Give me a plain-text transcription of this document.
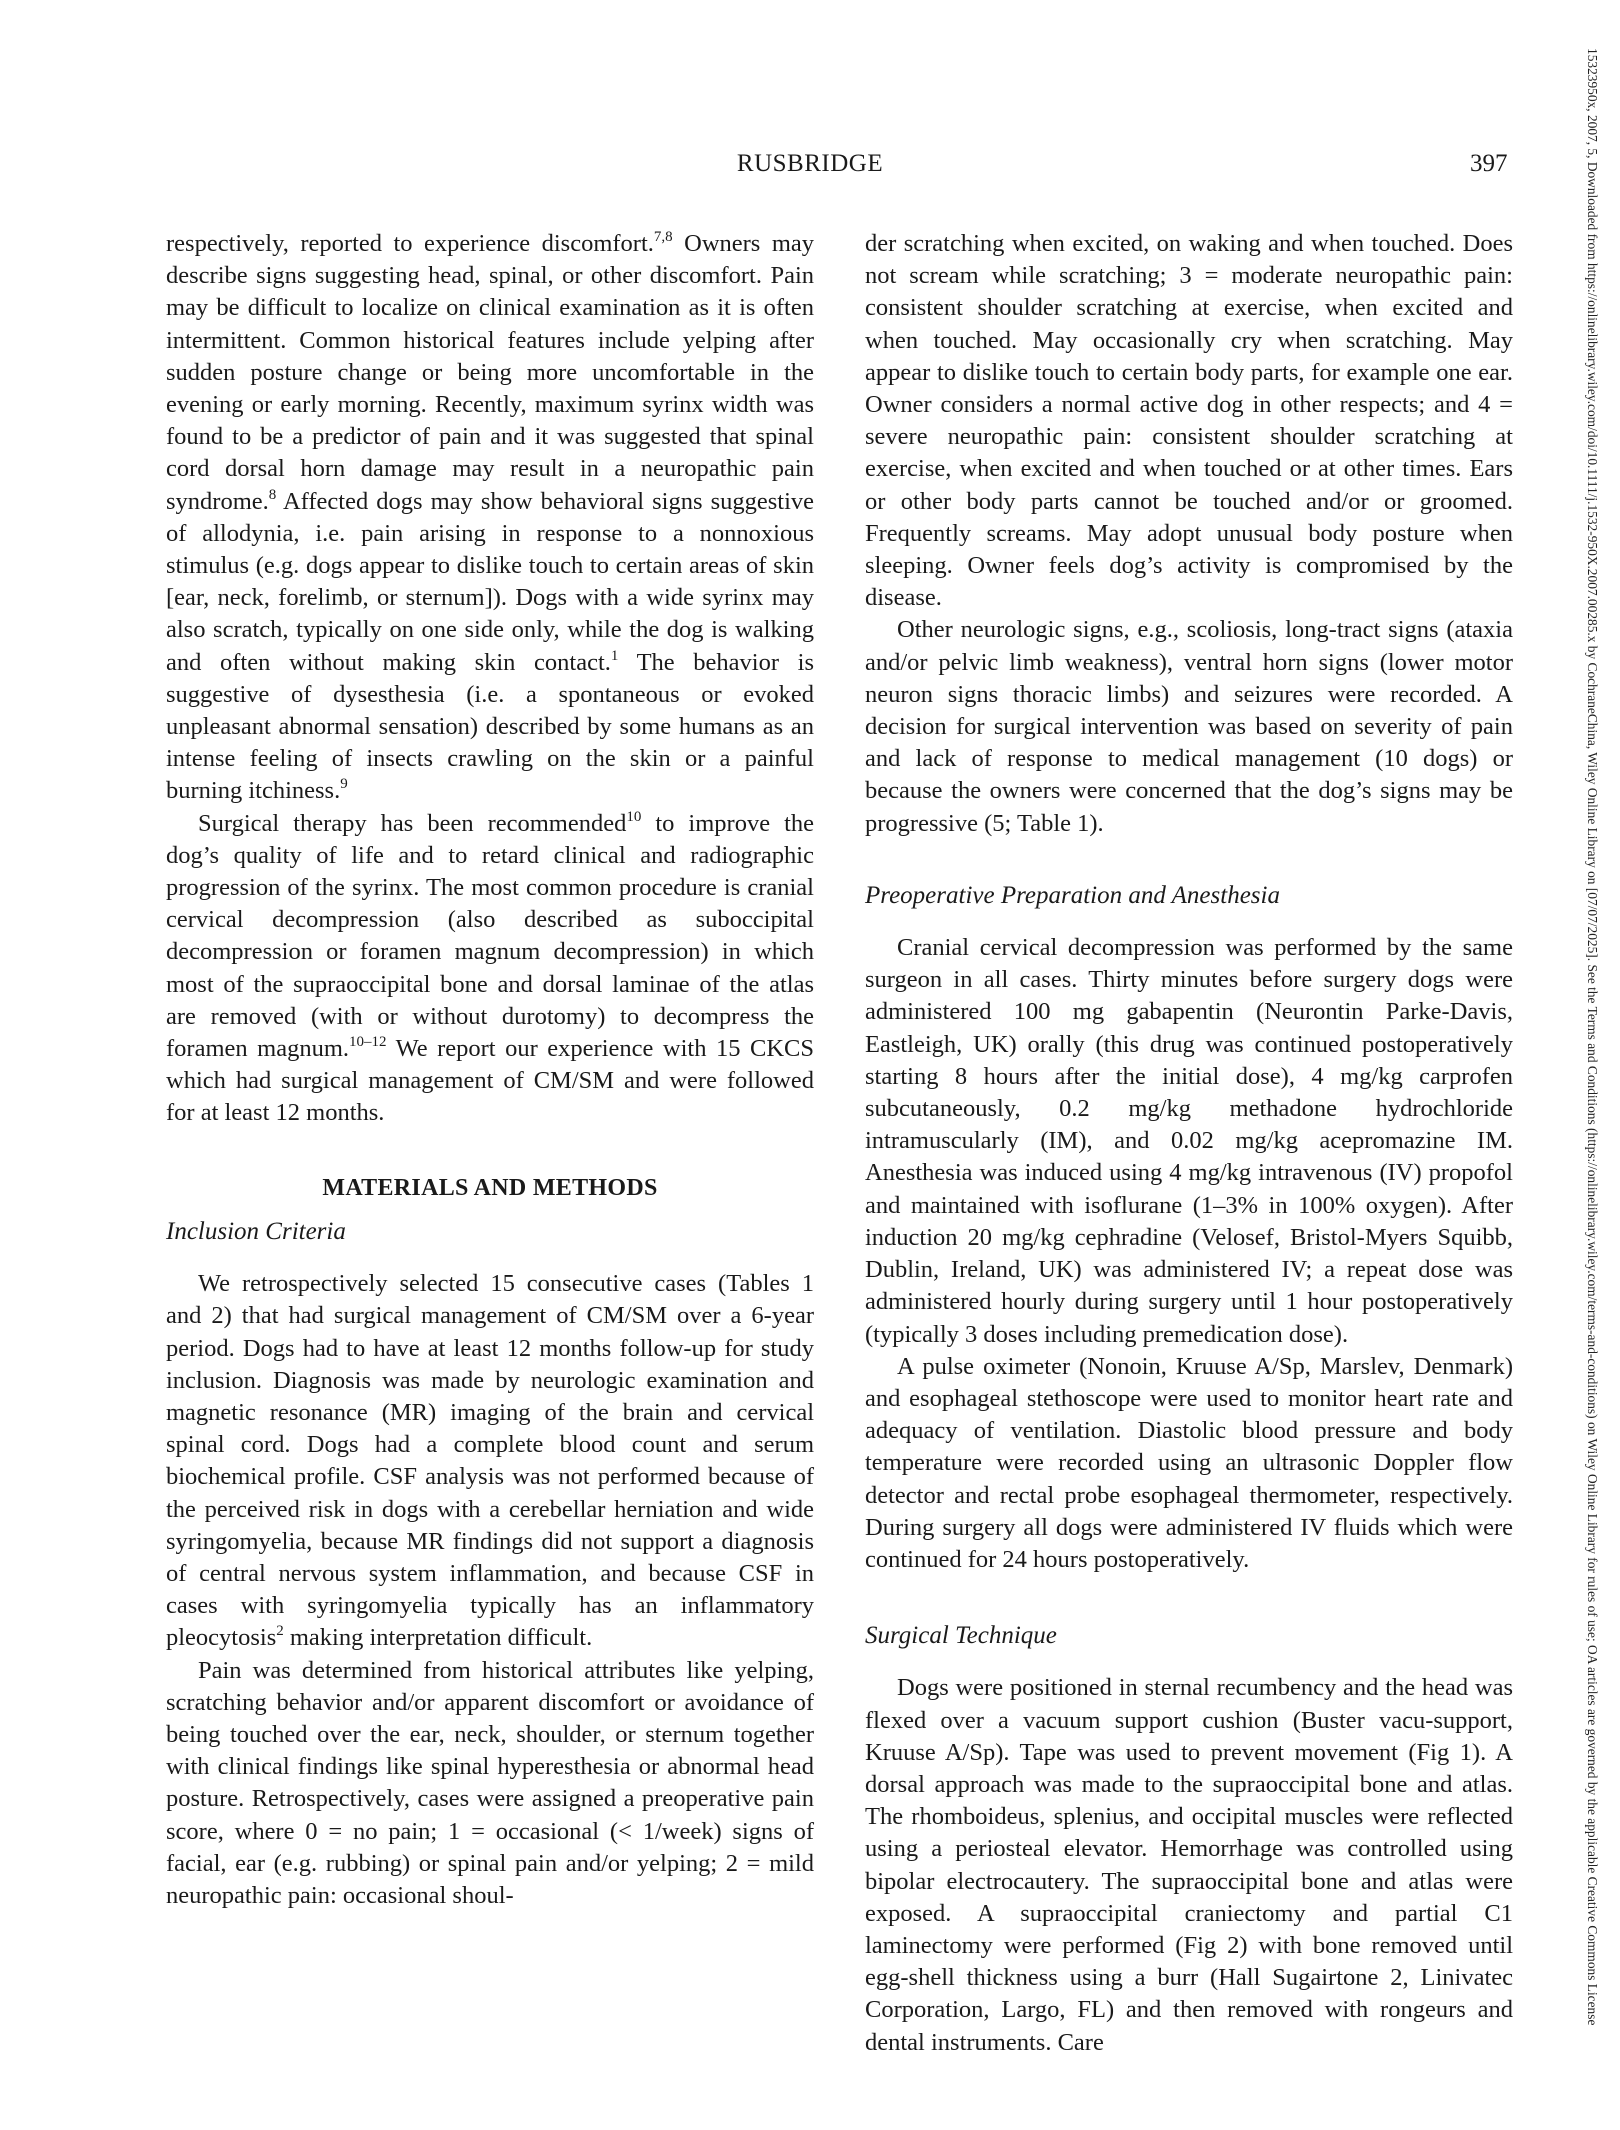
RUSBRIDGE	397

respectively, reported to experience discomfort.$^{7,8}$ Owners may describe signs suggesting head, spinal, or other discomfort. Pain may be difficult to localize on clinical examination as it is often intermittent. Common historical features include yelping after sudden posture change or being more uncomfortable in the evening or early morning. Recently, maximum syrinx width was found to be a predictor of pain and it was suggested that spinal cord dorsal horn damage may result in a neuropathic pain syndrome.$^8$ Affected dogs may show behavioral signs suggestive of allodynia, i.e. pain arising in response to a nonnoxious stimulus (e.g. dogs appear to dislike touch to certain areas of skin [ear, neck, forelimb, or sternum]). Dogs with a wide syrinx may also scratch, typically on one side only, while the dog is walking and often without making skin contact.$^1$ The behavior is suggestive of dysesthesia (i.e. a spontaneous or evoked unpleasant abnormal sensation) described by some humans as an intense feeling of insects crawling on the skin or a painful burning itchiness.$^9$

Surgical therapy has been recommended$^{10}$ to improve the dog’s quality of life and to retard clinical and radiographic progression of the syrinx. The most common procedure is cranial cervical decompression (also described as suboccipital decompression or foramen magnum decompression) in which most of the supraoccipital bone and dorsal laminae of the atlas are removed (with or without durotomy) to decompress the foramen magnum.$^{10-12}$ We report our experience with 15 CKCS which had surgical management of CM/SM and were followed for at least 12 months.

MATERIALS AND METHODS
Inclusion Criteria

We retrospectively selected 15 consecutive cases (Tables 1 and 2) that had surgical management of CM/SM over a 6-year period. Dogs had to have at least 12 months follow-up for study inclusion. Diagnosis was made by neurologic examination and magnetic resonance (MR) imaging of the brain and cervical spinal cord. Dogs had a complete blood count and serum biochemical profile. CSF analysis was not performed because of the perceived risk in dogs with a cerebellar herniation and wide syringomyelia, because MR findings did not support a diagnosis of central nervous system inflammation, and because CSF in cases with syringomyelia typically has an inflammatory pleocytosis$^2$ making interpretation difficult.

Pain was determined from historical attributes like yelping, scratching behavior and/or apparent discomfort or avoidance of being touched over the ear, neck, shoulder, or sternum together with clinical findings like spinal hyperesthesia or abnormal head posture. Retrospectively, cases were assigned a preoperative pain score, where 0 = no pain; 1 = occasional (< 1/week) signs of facial, ear (e.g. rubbing) or spinal pain and/or yelping; 2 = mild neuropathic pain: occasional shoul-

der scratching when excited, on waking and when touched. Does not scream while scratching; 3 = moderate neuropathic pain: consistent shoulder scratching at exercise, when excited and when touched. May occasionally cry when scratching. May appear to dislike touch to certain body parts, for example one ear. Owner considers a normal active dog in other respects; and 4 = severe neuropathic pain: consistent shoulder scratching at exercise, when excited and when touched or at other times. Ears or other body parts cannot be touched and/or or groomed. Frequently screams. May adopt unusual body posture when sleeping. Owner feels dog’s activity is compromised by the disease.

Other neurologic signs, e.g., scoliosis, long-tract signs (ataxia and/or pelvic limb weakness), ventral horn signs (lower motor neuron signs thoracic limbs) and seizures were recorded. A decision for surgical intervention was based on severity of pain and lack of response to medical management (10 dogs) or because the owners were concerned that the dog’s signs may be progressive (5; Table 1).

Preoperative Preparation and Anesthesia

Cranial cervical decompression was performed by the same surgeon in all cases. Thirty minutes before surgery dogs were administered 100 mg gabapentin (Neurontin Parke-Davis, Eastleigh, UK) orally (this drug was continued postoperatively starting 8 hours after the initial dose), 4 mg/kg carprofen subcutaneously, 0.2 mg/kg methadone hydrochloride intramuscularly (IM), and 0.02 mg/kg acepromazine IM. Anesthesia was induced using 4 mg/kg intravenous (IV) propofol and maintained with isoflurane (1–3% in 100% oxygen). After induction 20 mg/kg cephradine (Velosef, Bristol-Myers Squibb, Dublin, Ireland, UK) was administered IV; a repeat dose was administered hourly during surgery until 1 hour postoperatively (typically 3 doses including premedication dose).

A pulse oximeter (Nonoin, Kruuse A/Sp, Marslev, Denmark) and esophageal stethoscope were used to monitor heart rate and adequacy of ventilation. Diastolic blood pressure and body temperature were recorded using an ultrasonic Doppler flow detector and rectal probe esophageal thermometer, respectively. During surgery all dogs were administered IV fluids which were continued for 24 hours postoperatively.

Surgical Technique

Dogs were positioned in sternal recumbency and the head was flexed over a vacuum support cushion (Buster vacu-support, Kruuse A/Sp). Tape was used to prevent movement (Fig 1). A dorsal approach was made to the supraoccipital bone and atlas. The rhomboideus, splenius, and occipital muscles were reflected using a periosteal elevator. Hemorrhage was controlled using bipolar electrocautery. The supraoccipital bone and atlas were exposed. A supraoccipital craniectomy and partial C1 laminectomy were performed (Fig 2) with bone removed until egg-shell thickness using a burr (Hall Sugairtone 2, Linivatec Corporation, Largo, FL) and then removed with rongeurs and dental instruments. Care

15323950x, 2007, 5, Downloaded from https://onlinelibrary.wiley.com/doi/10.1111/j.1532-950X.2007.00285.x by CochraneChina, Wiley Online Library on [07/07/2025]. See the Terms and Conditions (https://onlinelibrary.wiley.com/terms-and-conditions) on Wiley Online Library for rules of use; OA articles are governed by the applicable Creative Commons License
